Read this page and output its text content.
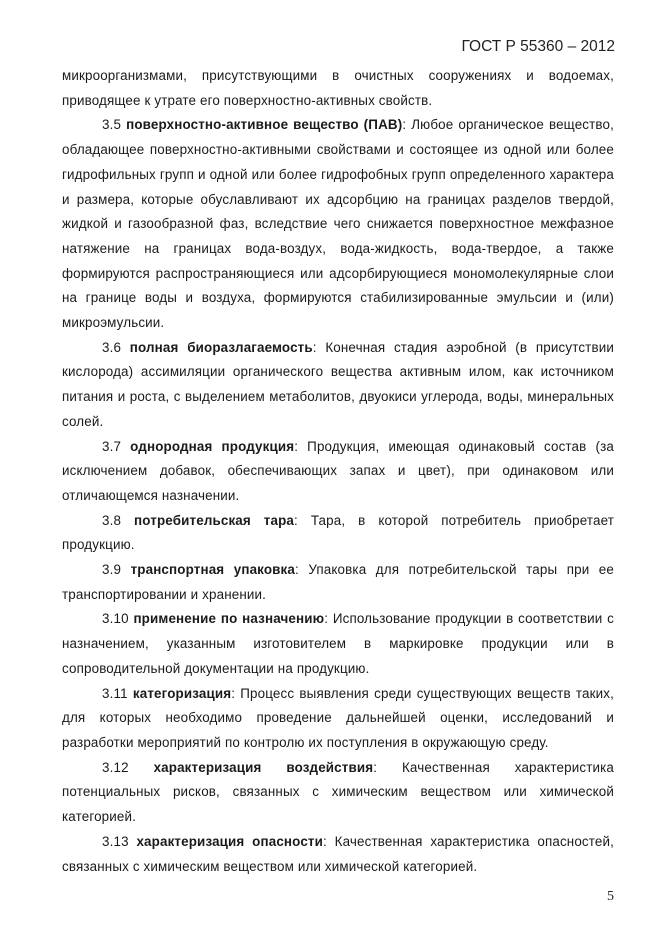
ГОСТ Р 55360 – 2012

микроорганизмами, присутствующими в очистных сооружениях и водоемах, приводящее к утрате его поверхностно-активных свойств.

3.5 поверхностно-активное вещество (ПАВ): Любое органическое вещество, обладающее поверхностно-активными свойствами и состоящее из одной или более гидрофильных групп и одной или более гидрофобных групп определенного характера и размера, которые обуславливают их адсорбцию на границах разделов твердой, жидкой и газообразной фаз, вследствие чего снижается поверхностное межфазное натяжение на границах вода-воздух, вода-жидкость, вода-твердое, а также формируются распространяющиеся или адсорбирующиеся мономолекулярные слои на границе воды и воздуха, формируются стабилизированные эмульсии и (или) микроэмульсии.

3.6 полная биоразлагаемость: Конечная стадия аэробной (в присутствии кислорода) ассимиляции органического вещества активным илом, как источником питания и роста, с выделением метаболитов, двуокиси углерода, воды, минеральных солей.

3.7 однородная продукция: Продукция, имеющая одинаковый состав (за исключением добавок, обеспечивающих запах и цвет), при одинаковом или отличающемся назначении.

3.8 потребительская тара: Тара, в которой потребитель приобретает продукцию.

3.9 транспортная упаковка: Упаковка для потребительской тары при ее транспортировании и хранении.

3.10 применение по назначению: Использование продукции в соответствии с назначением, указанным изготовителем в маркировке продукции или в сопроводительной документации на продукцию.

3.11 категоризация: Процесс выявления среди существующих веществ таких, для которых необходимо проведение дальнейшей оценки, исследований и разработки мероприятий по контролю их поступления в окружающую среду.

3.12 характеризация воздействия: Качественная характеристика потенциальных рисков, связанных с химическим веществом или химической категорией.

3.13 характеризация опасности: Качественная характеристика опасностей, связанных с химическим веществом или химической категорией.

5
